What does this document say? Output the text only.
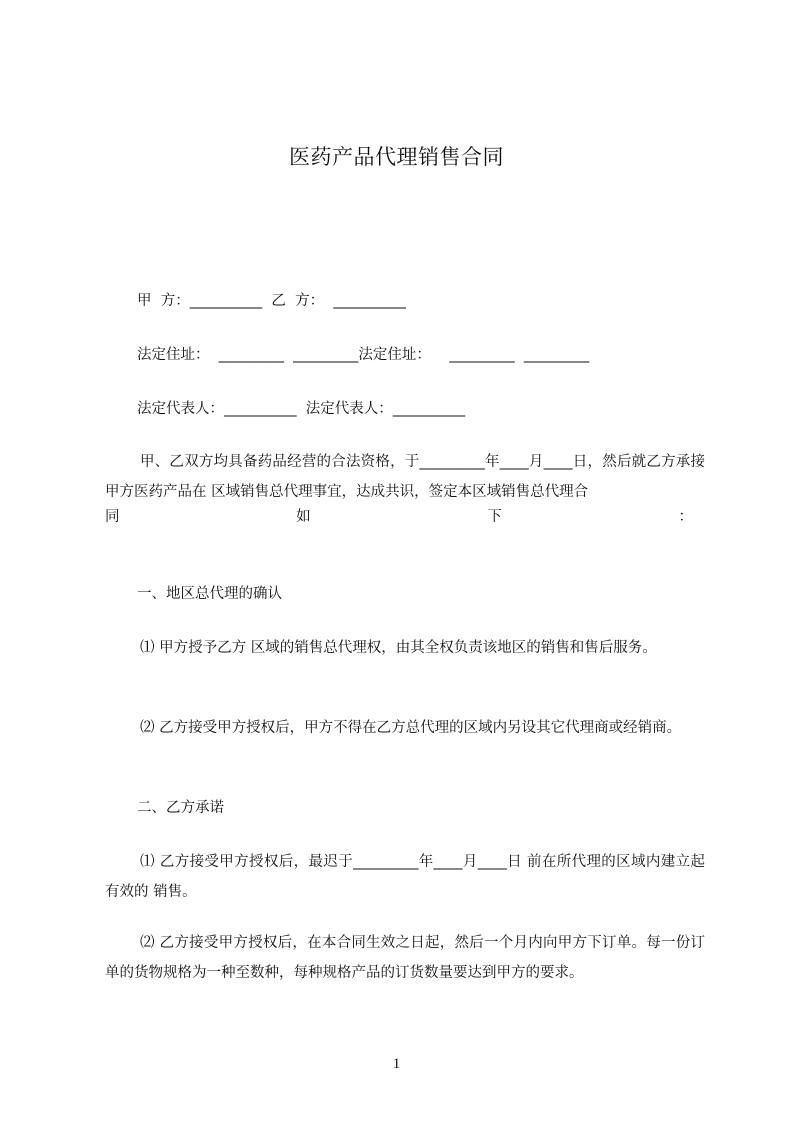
医药产品代理销售合同
甲  方：__________  乙  方：  __________
法定住址：  _________  _________法定住址：    _________  _________
法定代表人：__________  法定代表人：__________
甲、乙双方均具备药品经营的合法资格，于_________年____月____日，然后就乙方承接甲方医药产品在 区域销售总代理事宜，达成共识，签定本区域销售总代理合
同	如	下	：
一、地区总代理的确认
⑴ 甲方授予乙方 区域的销售总代理权，由其全权负责该地区的销售和售后服务。
⑵ 乙方接受甲方授权后，甲方不得在乙方总代理的区域内另设其它代理商或经销商。
二、乙方承诺
⑴ 乙方接受甲方授权后，最迟于_________年____月____日 前在所代理的区域内建立起有效的 销售。
⑵ 乙方接受甲方授权后，在本合同生效之日起，然后一个月内向甲方下订单。每一份订单的货物规格为一种至数种，每种规格产品的订货数量要达到甲方的要求。
1
